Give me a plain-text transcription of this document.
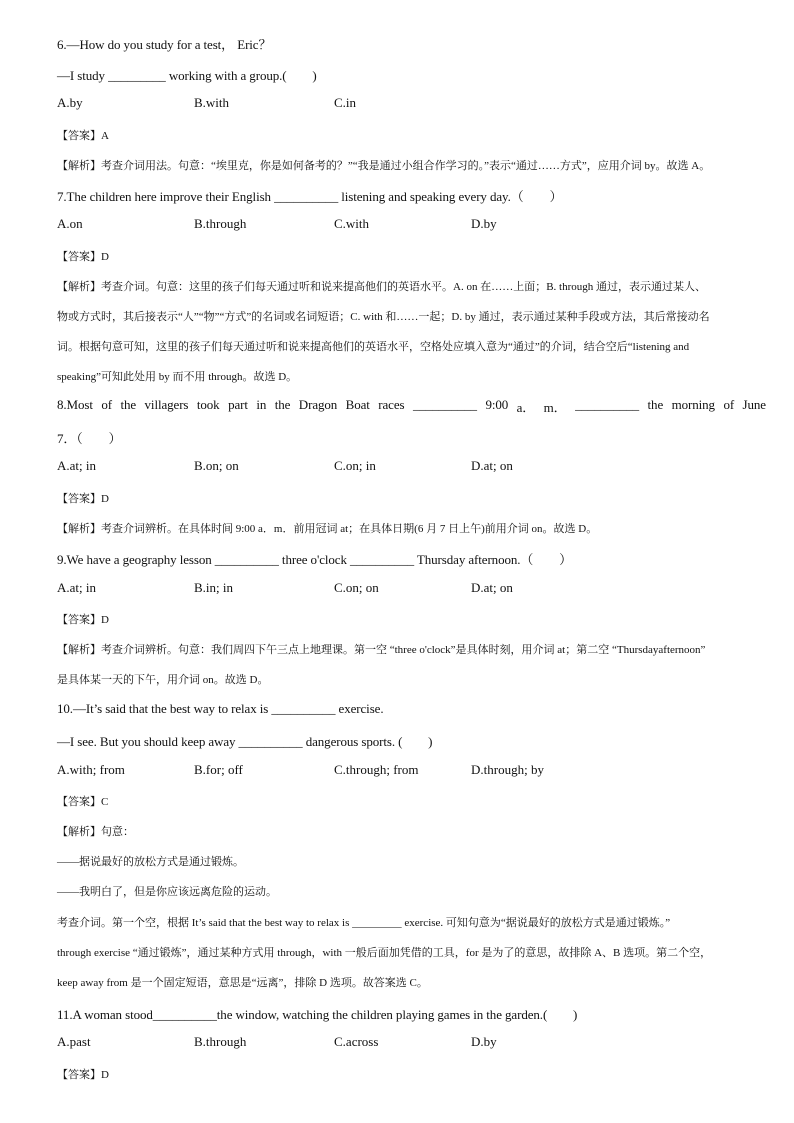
6.—How do you study for a test， Eric？
—I study _________ working with a group.(　　)
A.by	B.with	C.in
【答案】A
【解析】考查介词用法。句意：“埃里克，你是如何备考的？”“我是通过小组合作学习的。”表示“通过……方式”，应用介词 by。故选 A。
7.The children here improve their English __________ listening and speaking every day.（　　）
A.on	B.through	C.with	D.by
【答案】D
【解析】考查介词。句意：这里的孩子们每天通过听和说来提高他们的英语水平。A. on 在……上面；B. through 通过，表示通过某人、
物或方式时，其后接表示“人”“物”“方式”的名词或名词短语；C. with 和……一起；D. by 通过，表示通过某种手段或方法，其后常接动名
词。根据句意可知，这里的孩子们每天通过听和说来提高他们的英语水平，空格处应填入意为“通过”的介词，结合空后“listening and
speaking”可知此处用 by 而不用 through。故选 D。
8.Most of the villagers took part in the Dragon Boat races __________ 9:00 a． m． __________ the morning of June
7．（　　）
A.at; in	B.on; on	C.on; in	D.at; on
【答案】D
【解析】考查介词辨析。在具体时间 9:00 a．m．前用冠词 at；在具体日期(6 月 7 日上午)前用介词 on。故选 D。
9.We have a geography lesson __________ three o'clock __________ Thursday afternoon.（　　）
A.at; in	B.in; in	C.on; on	D.at; on
【答案】D
【解析】考查介词辨析。句意：我们周四下午三点上地理课。第一空 “three o'clock”是具体时刻，用介词 at；第二空 “Thursdayafternoon”
是具体某一天的下午，用介词 on。故选 D。
10.—It’s said that the best way to relax is __________ exercise.
—I see. But you should keep away __________ dangerous sports. (　　)
A.with; from	B.for; off	C.through; from	D.through; by
【答案】C
【解析】句意：
——据说最好的放松方式是通过锻炼。
——我明白了，但是你应该远离危险的运动。
考查介词。第一个空，根据 It’s said that the best way to relax is _________ exercise. 可知句意为“据说最好的放松方式是通过锻炼。”
through exercise “通过锻炼”，通过某种方式用 through，with 一般后面加凭借的工具，for 是为了的意思，故排除 A、B 选项。第二个空，
keep away from 是一个固定短语，意思是“远离”，排除 D 选项。故答案选 C。
11.A woman stood__________the window, watching the children playing games in the garden.(　　)
A.past	B.through	C.across	D.by
【答案】D
